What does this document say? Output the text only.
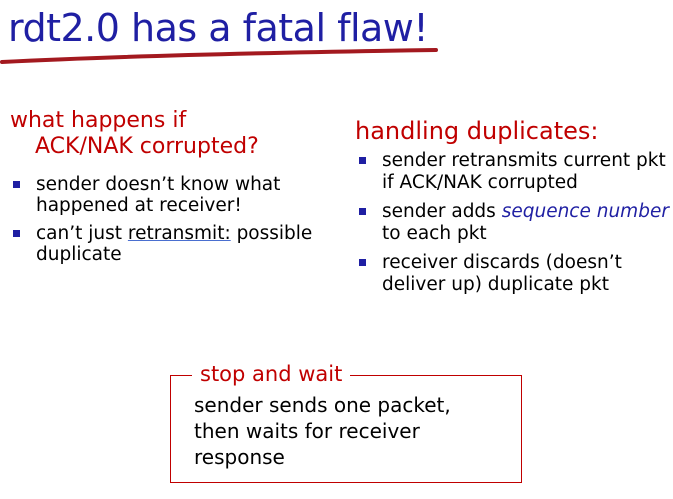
rdt2.0 has a fatal flaw!
what happens if
ACK/NAK corrupted?
sender doesn’t know what happened at receiver!
can’t just retransmit: possible duplicate
handling duplicates:
sender retransmits current pkt if ACK/NAK corrupted
sender adds sequence number to each pkt
receiver discards (doesn’t deliver up) duplicate pkt
stop and wait
sender sends one packet,
then waits for receiver
response
